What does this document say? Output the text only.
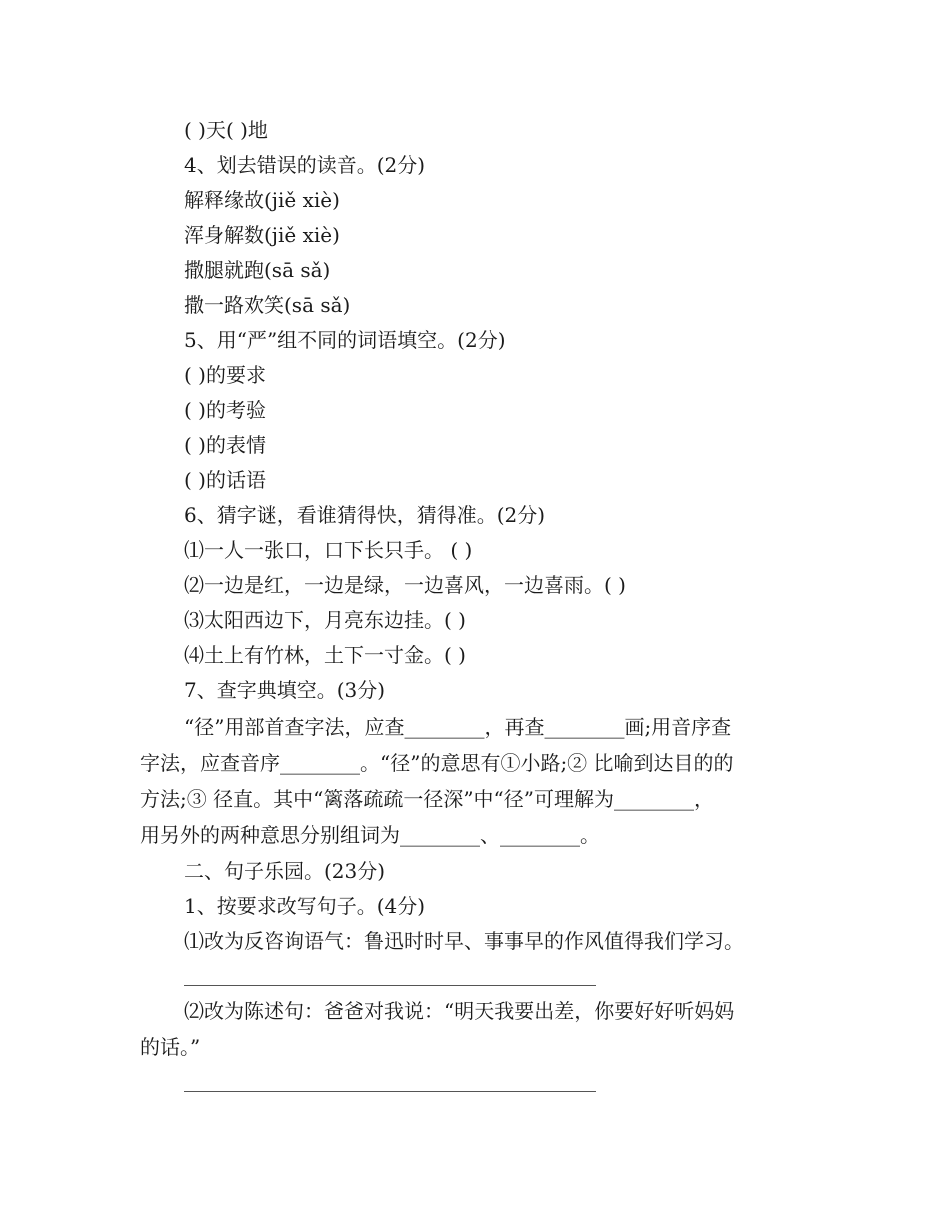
( )天( )地
4、划去错误的读音。(2分)
解释缘故(jiě xiè)
浑身解数(jiě xiè)
撒腿就跑(sā sǎ)
撒一路欢笑(sā sǎ)
5、用“严”组不同的词语填空。(2分)
( )的要求
( )的考验
( )的表情
( )的话语
6、猜字谜，看谁猜得快，猜得准。(2分)
⑴一人一张口，口下长只手。 ( )
⑵一边是红，一边是绿，一边喜风，一边喜雨。( )
⑶太阳西边下，月亮东边挂。( )
⑷土上有竹林，土下一寸金。( )
7、查字典填空。(3分)
“径”用部首查字法，应查________，再查________画;用音序查
字法，应查音序________。“径”的意思有①小路;② 比喻到达目的的
方法;③ 径直。其中“篱落疏疏一径深”中“径”可理解为________，
用另外的两种意思分别组词为________、________。
二、句子乐园。(23分)
1、按要求改写句子。(4分)
⑴改为反咨询语气：鲁迅时时早、事事早的作风值得我们学习。
⑵改为陈述句：爸爸对我说：“明天我要出差，你要好好听妈妈
的话。”
